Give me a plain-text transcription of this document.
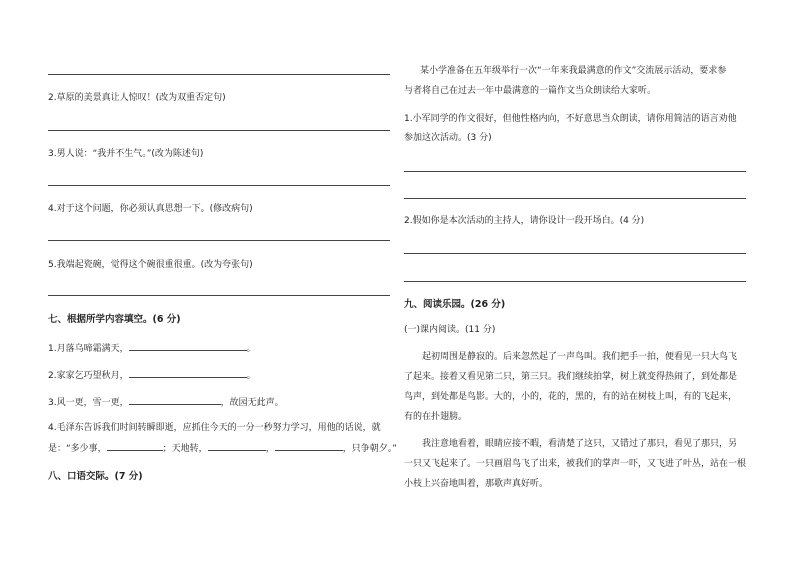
2.草原的美景真让人惊叹！(改为双重否定句)
3.男人说：“我并不生气。”(改为陈述句)
4.对于这个问题，你必须认真思想一下。(修改病句)
5.我端起瓷碗，觉得这个碗很重很重。(改为夸张句)
七、根据所学内容填空。(6 分)
1.月落乌啼霜满天，	。
2.家家乞巧望秋月，	。
3.风一更，雪一更，	，故园无此声。
4.毛泽东告诉我们时间转瞬即逝，应抓住今天的一分一秒努力学习，用他的话说，就
是：“多少事，	；天地转，	，	，只争朝夕。”
八、口语交际。(7 分)
某小学准备在五年级举行一次“一年来我最满意的作文”交流展示活动，要求参
与者将自己在过去一年中最满意的一篇作文当众朗读给大家听。
1.小军同学的作文很好，但他性格内向，不好意思当众朗读，请你用简洁的语言劝他
参加这次活动。(3 分)
2.假如你是本次活动的主持人，请你设计一段开场白。(4 分)
九、阅读乐园。(26 分)
(一)课内阅读。(11 分)
起初周围是静寂的。后来忽然起了一声鸟叫。我们把手一拍，便看见一只大鸟飞
了起来。接着又看见第二只，第三只。我们继续拍掌，树上就变得热闹了，到处都是
鸟声，到处都是鸟影。大的，小的，花的，黑的，有的站在树枝上叫，有的飞起来，
有的在扑翅膀。
我注意地看着，眼睛应接不暇，看清楚了这只，又错过了那只，看见了那只，另
一只又飞起来了。一只画眉鸟飞了出来，被我们的掌声一吓，又飞进了叶丛，站在一根
小枝上兴奋地叫着，那歌声真好听。
